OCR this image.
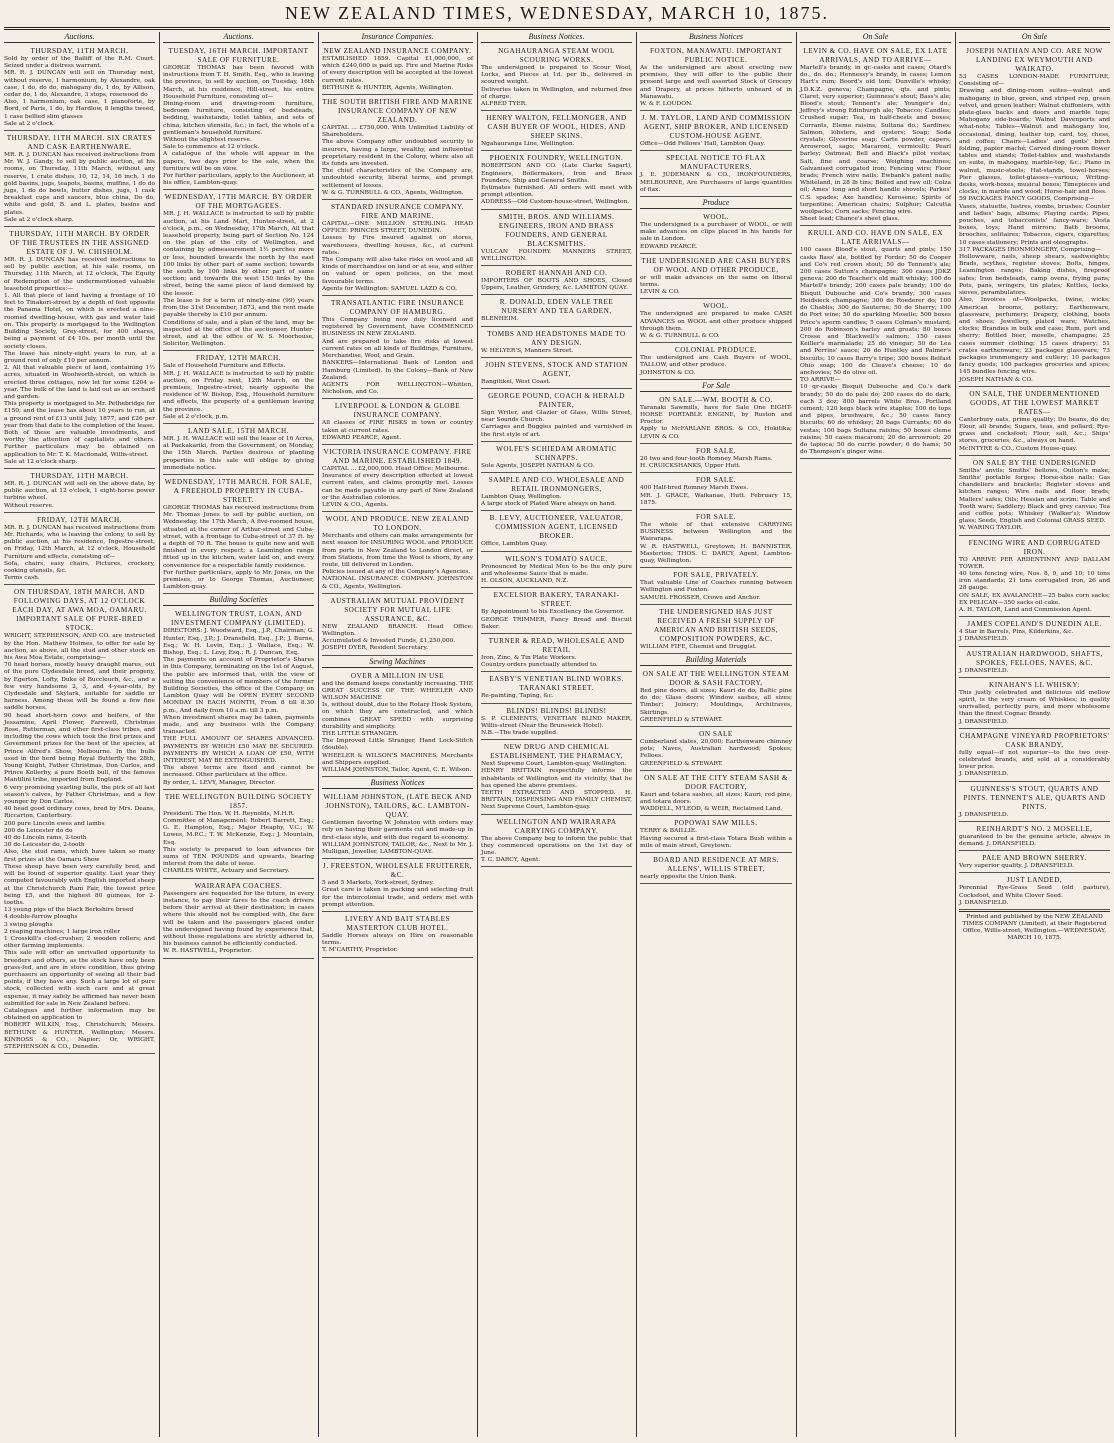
NEW ZEALAND TIMES, WEDNESDAY, MARCH 10, 1875.
Auctions.

THURSDAY, 11TH MARCH.

Sold by order of the Bailiff of the R.M. Court. Seized under a distress warrant.

MR. R. J. DUNCAN will sell on Thursday next, without reserve, 1 harmonium, by Alexandre, oak case, 1 do, do do, mahogany do, 1 do, by Allison, cedar do, 1 do, Alexandre, 3 stops, rosewood do

Also, 1 harmonium, oak case, 1 pianoforte, by Bord, of Paris, 1 do, by Hardlow, 8 lengths tweed, 1 case bellied slim glasses

Sale at 2 o'clock.

THURSDAY, 11TH MARCH. SIX CRATES AND CASK EARTHENWARE.

MR. R. J. DUNCAN has received instructions from Mr. W. J. Gandy, to sell by public auction, at his rooms, on Thursday, 11th March, without any reserve, 1 crate dishes, 10, 12, 14, 16 inch, 1 do gold basins, jugs, teapots, basins, muffins, 1 do do jugs, 1 do do bowls, butter dishes, jugs, 1 cask breakfast cups and saucers, blue china, Do do, white and gold, B. and L. plates, basins and plates.

Sale at 2 o'clock sharp.

THURSDAY, 11TH MARCH. BY ORDER OF THE TRUSTEES IN THE ASSIGNED ESTATE OF J. W. CHISHOLM.

MR. R. J. DUNCAN has received instructions to sell by public auction, at his sale rooms, on Thursday, 11th March, at 12 o'clock, The Equity of Redemption of the undermentioned valuable leasehold properties:—

1. All that piece of land having a frontage of 10 feet to Tinakori-street by a depth of feet opposite the Panama Hotel, on which is erected a nine-roomed dwelling-house, with gas and water laid on. This property is mortgaged to the Wellington Building Society, Grey-street, for 400 shares, being a payment of £4 10s. per month until the society closes.

The lease has ninety-eight years to run, at a ground rent of only £10 per annum.

2. All that valuable piece of land, containing 1½ acres, situated in Woolworth-street, on which is erected three cottages, now let for some £204 a-year. The bulk of the land is laid out as an orchard and garden.

This property is mortgaged to Mr. Pethebridge for £150; and the lease has about 10 years to run, at a ground rent of £13 until July, 1877, and £26 per year from that date to the completion of the lease.

Both of these are valuable investments, and worthy the attention of capitalists and others. Further particulars may be obtained on application to Mr. T. K. Macdonald, Willis-street.

Sale at 12 o'clock sharp.

THURSDAY, 11TH MARCH.

MR. R. J. DUNCAN will sell on the above date, by public auction, at 12 o'clock, 1 eight-horse power turbine wheel.

Without reserve.

FRIDAY, 12TH MARCH.

MR. R. J. DUNCAN has received instructions from Mr. Richards, who is leaving the colony, to sell by public auction, at his residence, Ingestre-street, on Friday, 12th March, at 12 o'clock, Household Furniture and effects, consisting of—

Sofa, chairs, easy chairs, Pictures, crockery, cooking utensils, &c.

Terms cash.

ON THURSDAY, 18TH MARCH, AND FOLLOWING DAYS, AT 12 O'CLOCK EACH DAY, AT AWA MOA, OAMARU. IMPORTANT SALE OF PURE-BRED STOCK.

WRIGHT, STEPHENSON, AND CO. are instructed by the Hon. Mathew Holmes, to offer for sale by auction, as above, all the stud and other stock on his Awa Moa Estate, comprising—

70 head horses, mostly heavy draught mares, out of the pure Clydesdale breed, and their progeny, by Egerton, Lofty, Duke of Buccleuch, &c., and a few very handsome 2, 3, and 4-year-olds, by Clydesdale and Skylark, suitable for saddle or harness. Among these will be found a few fine saddle horses.

90 head short-horn cows and heifers, of the Jessamine, April Flower, Farewell, Christmas Rose, Rutterman, and other first-class tribes, and including the cows which took the first prizes and Government prizes for the best of the species, at Prince Alfred's Show, Melbourne. In the bulls used in the herd being Royal Butterfly the 28th, Young Knight, Father Christmas, Don Carlos, and Prince Kollerby, a pure Booth bull, of the famous Mantilini tribe, imported from England.

6 very promising yearling bulls, the pick of all last season's calves, by Father Christmas, and a few younger by Don Carlos.

40 head good ordinary cows, bred by Mrs. Deans, Riccarton, Canterbury.

200 pure Lincoln ewes and lambs

200 do Leicester do do

40 do Lincoln rams, 2-tooth

30 do Leicester do, 2-tooth

Also, the stud rams, which have taken so many first prizes at the Oamaru Show

These sheep have been very carefully bred, and will be found of superior quality. Last year they competed favourably with English imported sheep at the Christchurch Ram Fair, the lowest price being £5, and the highest 80 guineas, for 2-tooths.

13 young pigs of the black Berkshire breed

4 double-furrow ploughs

3 swing ploughs

2 reaping machines; 1 large iron roller

1 Crosskill's clod-crusher; 2 wooden rollers; and other farming implements.

This sale will offer an unrivalled opportunity to breeders and others, as the stock have only been grass-fed, and are in store condition, thus giving purchasers an opportunity of seeing all their bad points, if they have any. Such a large lot of pure stock, collected with such care and at great expense, it may safely be affirmed has never been submitted for sale in New Zealand before.

Catalogues and further information may be obtained on application to

ROBERT WILKIN, Esq., Christchurch; Messrs. BETHUNE & HUNTER, Wellington; Messrs. KINROSS & CO., Napier; Or, WRIGHT, STEPHENSON & CO., Dunedin.

Auctions.

TUESDAY, 16TH MARCH. IMPORTANT SALE OF FURNITURE.

GEORGE THOMAS has been favored with instructions from T. H. Smith, Esq., who is leaving the province, to sell by auction, on Tuesday, 16th March, at his residence, Hill-street, his entire Household Furniture, consisting of—

Dining-room and drawing-room furniture, bedroom furniture, consisting of bedsteads, bedding, washstands, toilet tables, and sets of china, kitchen utensils, &c.; in fact, the whole of a gentleman's household furniture.

Without the slightest reserve.

Sale to commence at 12 o'clock.

A catalogue of the whole will appear in the papers, two days prior to the sale, when the furniture will be on view.

For further particulars, apply to the Auctioneer, at his office, Lambton-quay.

WEDNESDAY, 17TH MARCH. BY ORDER OF THE MORTGAGEES.

MR. J. H. WALLACE is instructed to sell by public auction, at his Land Mart, Hunter-street, at 2 o'clock, p.m., on Wednesday, 17th March, All that leasehold property, being part of Section No. 124 on the plan of the city of Wellington, and containing by admeasurement 1½ perches more or less, bounded towards the north by the east 100 links by other part of same section; towards the south by 100 links by other part of same section; and towards the west 150 links by the street, being the same piece of land demised by the lessor.

The lease is for a term of ninety-nine (99) years from the 31st December, 1873, and the rent made payable thereby is £10 per annum.

Conditions of sale, and a plan of the land, may be inspected at the office of the auctioneer, Hunter-street, and at the office of W. S. Moorhouse, Solicitor, Wellington.

FRIDAY, 12TH MARCH.

Sale of Household Furniture and Effects.

MR. J. H. WALLACE is instructed to sell by public auction, on Friday next, 12th March, on the premises, Ingestre-street, nearly opposite the residence of W. Bishop, Esq., Household furniture and effects, the property of a gentleman leaving the province.

Sale at 2 o'clock, p.m.

LAND SALE, 15TH MARCH.

MR. J. H. WALLACE will sell the lease of 16 Acres, at Paekakariki, from the Government, on Monday, the 15th March. Parties desirous of planting properties in this sale will oblige by giving immediate notice.

WEDNESDAY, 17TH MARCH. FOR SALE, A FREEHOLD PROPERTY IN CUBA-STREET.

GEORGE THOMAS has received instructions from Mr. Thomas Jones to sell by public auction, on Wednesday, the 17th March, A five-roomed house, situated at the corner of Arthur-street and Cuba-street, with a frontage to Cuba-street of 37 ft. by a depth of 70 ft. The house is quite new and well finished in every respect; a Leamington range fitted up in the kitchen, water laid on, and every convenience for a respectable family residence.

For further particulars, apply to Mr. Jones, on the premises, or to George Thomas, Auctioneer, Lambton-quay.

Building Societies

WELLINGTON TRUST, LOAN, AND INVESTMENT COMPANY (LIMITED).

DIRECTORS: J. Woodward, Esq., J.P., Chairman; G. Hunter, Esq., J.P.; J. Dransfield, Esq., J.P.; J. Burne, Esq.; W. H. Levin, Esq.; J. Wallace, Esq.; W. Bishop, Esq.; L. Levy, Esq.; R. J. Duncan, Esq.

The payments on account of Proprietor's Shares in this Company, terminating on the 1st of August, the public are informed that, with the view of suiting the convenience of members of the former Building Societies, the office of the Company on Lambton Quay will be OPEN EVERY SECOND MONDAY IN EACH MONTH, From 8 till 8.30 p.m., And daily from 10 a.m. till 3 p.m.

When investment shares may be taken, payments made, and any business with the Company transacted.

THE FULL AMOUNT OF SHARES ADVANCED. PAYMENTS BY WHICH £50 MAY BE SECURED. PAYMENTS BY WHICH A LOAN OF £50, WITH INTEREST, MAY BE EXTINGUISHED.

The above terms are fixed and cannot be increased. Other particulars at the office.

By order, L. LEVY, Manager, Director.

THE WELLINGTON BUILDING SOCIETY 1857.

President: The Hon. W. H. Reynolds, M.H.R.

Committee of Management: Robert Barrett, Esq.; G. E. Hampton, Esq.; Major Heaphy, V.C.; W. Lowes, M.P.C.; T. W. McKenzie, Esq.; J. Mountain, Esq.

This society is prepared to loan advances for sums of TEN POUNDS and upwards, bearing interest from the date of issue.

CHARLES WHITE, Actuary and Secretary.

WAIRARAPA COACHES.

Passengers are requested for the future, in every instance, to pay their fares to the coach drivers before their arrival at their destination; in cases where this should not be complied with, the fare will be taken and the passengers placed under the undersigned having found by experience that, without these regulations are strictly adhered to, his business cannot be efficiently conducted.

W. R. HASTWELL, Proprietor.

Insurance Companies.

NEW ZEALAND INSURANCE COMPANY.

ESTABLISHED 1859. Capital £1,000,000, of which £240,000 is paid up. Fire and Marine Risks of every description will be accepted at the lowest current rates.

BETHUNE & HUNTER, Agents, Wellington.

THE SOUTH BRITISH FIRE AND MARINE INSURANCE COMPANY OF NEW ZEALAND.

CAPITAL ... £750,000. With Unlimited Liability of Shareholders.

The above Company offer undoubted security to insurers, having a large, wealthy, and influential proprietary resident in the Colony, where also all its funds are invested.

The chief characteristics of the Company are, undoubted security, liberal terms, and prompt settlement of losses.

W. & G. TURNBULL & CO., Agents, Wellington.

STANDARD INSURANCE COMPANY. FIRE AND MARINE.

CAPITAL—ONE MILLION STERLING. HEAD OFFICE: PRINCES STREET, DUNEDIN.

Losses by Fire insured against on stores, warehouses, dwelling houses, &c., at current rates.

The Company will also take risks on wool and all kinds of merchandise on land or at sea, and either on valued or open policies, on the most favourable terms.

Agents for Wellington: SAMUEL LAZD & CO.

TRANSATLANTIC FIRE INSURANCE COMPANY OF HAMBURG.

This Company being now duly licensed and registered by Government, have COMMENCED BUSINESS IN NEW ZEALAND.

And are prepared to take fire risks at lowest current rates on all kinds of Buildings, Furniture, Merchandise, Wool, and Grain.

BANKERS—International Bank of London and Hamburg (Limited). In the Colony—Bank of New Zealand.

AGENTS FOR WELLINGTON—Whitten, Nicholson, and Co.

LIVERPOOL & LONDON & GLOBE INSURANCE COMPANY.

All classes of FIRE RISKS in town or country taken at current rates.

EDWARD PEARCE, Agent.

VICTORIA INSURANCE COMPANY. FIRE AND MARINE. ESTABLISHED 1849.

CAPITAL ... £2,000,000. Head Office: Melbourne.

Insurance of every description effected at lowest current rates, and claims promptly met. Losses can be made payable in any part of New Zealand or the Australian colonies.

LEVIN & CO., Agents.

WOOL AND PRODUCE. NEW ZEALAND TO LONDON.

Merchants and others can make arrangements for next season for INSURING WOOL and PRODUCE from ports in New Zealand to London direct, or from Stations, from time the Wool is shorn, by any route, till delivered in London.

Policies issued at any of the Company's Agencies.

NATIONAL INSURANCE COMPANY. JOHNSTON & CO., Agents, Wellington.

AUSTRALIAN MUTUAL PROVIDENT SOCIETY FOR MUTUAL LIFE ASSURANCE, &C.

NEW ZEALAND BRANCH. Head Office: Wellington.

Accumulated & Invested Funds, £1,250,000.

JOSEPH DYER, Resident Secretary.

Sewing Machines

OVER A MILLION IN USE

and the demand keeps constantly increasing. THE GREAT SUCCESS OF THE WHEELER AND WILSON MACHINE

Is, without doubt, due to the Rotary Hook System, on which they are constructed, and which combines GREAT SPEED with surprising durability and simplicity.

THE LITTLE STRANGER.

The Improved Little Stranger, Hand Lock-Stitch (double).

WHEELER & WILSON'S MACHINES. Merchants and Shippers supplied.

WILLIAM JOHNSTON, Tailor, Agent, C. E. Wilson.

Business Notices

WILLIAM JOHNSTON, (LATE BECK AND JOHNSTON), TAILORS, &C. LAMBTON-QUAY.

Gentlemen favoring W. Johnston with orders may rely on having their garments cut and made-up in first-class style, and with due regard to economy.

WILLIAM JOHNSTON, TAILOR, &c., Next to Mr. J. Mulligan, Jeweller, LAMBTON-QUAY.

J. FREESTON, WHOLESALE FRUITERER, &C.

5 and 5 Markets, York-street, Sydney.

Great care is taken in packing and selecting fruit for the intercolonial trade, and orders met with prompt attention.

LIVERY AND BAIT STABLES MASTERTON CLUB HOTEL.

Saddle Horses always on Hire on reasonable terms.

T. M'CARTHY, Proprietor.

Business Notices.

NGAHAURANGA STEAM WOOL SCOURING WORKS.

The undersigned is prepared to Scour Wool, Locks, and Pieces at 1d. per lb., delivered in scoured weight.

Deliveries taken in Wellington, and returned free of charge.

ALFRED TYER.

HENRY WALTON, FELLMONGER, AND CASH BUYER OF WOOL, HIDES, AND SHEEP SKINS.

Ngahauranga Line, Wellington.

PHOENIX FOUNDRY, WELLINGTON.

ROBERTSON AND CO. (Late Clarke Sagart), Engineers, Boilermakers, Iron and Brass Founders, Ship and General Smiths.

Estimates furnished. All orders will meet with prompt attention.

ADDRESS—Old Custom-house-street, Wellington.

SMITH, BROS. AND WILLIAMS. ENGINEERS, IRON AND BRASS FOUNDERS, AND GENERAL BLACKSMITHS.

VULCAN FOUNDRY. MANNERS STREET, WELLINGTON.

ROBERT HANNAH AND CO.

IMPORTERS OF BOOTS AND SHOES, Closed Uppers, Leather, Grindery, &c. LAMBTON QUAY.

R. DONALD, EDEN VALE TREE NURSERY AND TEA GARDEN,

BLENHEIM.

TOMBS AND HEADSTONES MADE TO ANY DESIGN.

W. HELYER'S, Manners Street.

JOHN STEVENS, STOCK AND STATION AGENT,

Rangitikei, West Coast.

GEORGE POUND, COACH & HERALD PAINTER,

Sign Writer, and Glazier of Glass, Willis Street, near Sounds Church.

Carriages and Buggies painted and varnished in the first style of art.

WOLFE'S SCHIEDAM AROMATIC SCHNAPPS.

Sole Agents, JOSEPH NATHAN & CO.

SAMPLE AND CO. WHOLESALE AND RETAIL IRONMONGERS,

Lambton Quay, Wellington.

A large stock of Plated Ware always on hand.

B. LEVY, AUCTIONEER, VALUATOR, COMMISSION AGENT, LICENSED BROKER.

Office, Lambton Quay.

WILSON'S TOMATO SAUCE.

Pronounced by Medical Men to be the only pure and wholesome Sauce that is made.

H. OLSON, AUCKLAND, N.Z.

EXCELSIOR BAKERY, TARANAKI-STREET.

By Appointment to his Excellency the Governor.

GEORGE TRIMMER, Fancy Bread and Biscuit Baker.

TURNER & READ, WHOLESALE AND RETAIL

Iron, Zinc, & Tin Plate Workers.

Country orders punctually attended to.

EASBY'S VENETIAN BLIND WORKS. TARANAKI STREET.

Re-painting, Taping, &c.

BLINDS! BLINDS! BLINDS!

S. P. CLEMENTS, VENETIAN BLIND MAKER, Willis-street (Near the Brunswick Hotel).

N.B.—The trade supplied.

NEW DRUG AND CHEMICAL ESTABLISHMENT. THE PHARMACY,

Next Supreme Court, Lambton-quay, Wellington.

HENRY BRITTAIN respectfully informs the inhabitants of Wellington and its vicinity, that he has opened the above premises.

TEETH EXTRACTED AND STOPPED. H. BRITTAIN, DISPENSING AND FAMILY CHEMIST, Next Supreme Court, Lambton-quay.

WELLINGTON AND WAIRARAPA CARRYING COMPANY.

The above Company beg to inform the public that they commenced operations on the 1st day of June.

T. C. DARCY, Agent.

Business Notices

FOXTON, MANAWATU. IMPORTANT PUBLIC NOTICE.

As the undersigned are about erecting new premises, they will offer to the public their present large and well assorted Stock of Grocery and Drapery, at prices hitherto unheard of in Manawatu.

W. & F. LOUDON.

J. M. TAYLOR, LAND AND COMMISSION AGENT, SHIP BROKER, AND LICENSED CUSTOM-HOUSE AGENT.

Office—Odd Fellows' Hall, Lambton Quay.

SPECIAL NOTICE TO FLAX MANUFACTURERS.

J. E. JUDEMANN & CO., IRONFOUNDERS, MELBOURNE, Are Purchasers of large quantities of flax.

Produce

WOOL.

The undersigned is a purchaser of WOOL, or will make advances on clips placed in his hands for sale in London.

EDWARD PEARCE.

THE UNDERSIGNED ARE CASH BUYERS OF WOOL AND OTHER PRODUCE,

or will make advances on the same on liberal terms.

LEVIN & CO.

WOOL.

The undersigned are prepared to make CASH ADVANCES on WOOL and other produce shipped through them.

W. & G. TURNBULL & CO.

COLONIAL PRODUCE.

The undersigned are Cash Buyers of WOOL, TALLOW, and other produce.

JOHNSTON & CO.

For Sale

ON SALE.—WM. BOOTH & CO.

Taranaki Sawmills, have for Sale One EIGHT-HORSE PORTABLE ENGINE, by Ruston and Proctor.

Apply to McFARLANE BROS. & CO., Hokitika; LEVIN & CO.

FOR SALE.

20 two and four-tooth Romney Marsh Rams.

H. CRUICKSHANKS, Upper Hutt.

FOR SALE.

400 Half-bred Romney Marsh Ewes.

MR. J. GRACE, Waikanae, Hutt. February 15, 1875.

FOR SALE.

The whole of that extensive CARRYING BUSINESS between Wellington and the Wairarapa.

W. R. HASTWELL, Greytown; H. BANNISTER, Masterton; THOS. C. DARCY, Agent, Lambton-quay, Wellington.

FOR SALE, PRIVATELY.

That valuable Line of Coaches running between Wellington and Foxton.

SAMUEL FROSSER, Crown and Anchor.

THE UNDERSIGNED HAS JUST RECEIVED A FRESH SUPPLY OF AMERICAN AND BRITISH SEEDS, COMPOSITION POWDERS, &C.

WILLIAM FIFE, Chemist and Druggist.

Building Materials

ON SALE AT THE WELLINGTON STEAM DOOR & SASH FACTORY,

Red pine doors, all sizes; Kauri do do; Baltic pine do do; Glass doors; Window sashes, all sizes; Timber; Joinery; Mouldings, Architraves, Skirtings.

GREENFIELD & STEWART.

ON SALE

Cumberland slates, 20,000; Earthenware chimney pots; Naves, Australian hardwood; Spokes; Felloes.

GREENFIELD & STEWART.

ON SALE AT THE CITY STEAM SASH & DOOR FACTORY,

Kauri and totara sashes, all sizes; Kauri, red pine, and totara doors.

WADDELL, M'LEOD, & WEIR, Reclaimed Land.

POPOWAI SAW MILLS.

TERRY & BAILLIE.

Having secured a first-class Totara Bush within a mile of main street, Greytown.

BOARD AND RESIDENCE AT MRS. ALLENS', WILLIS STREET,

nearly opposite the Union Bank.

On Sale

LEVIN & CO. HAVE ON SALE, EX LATE ARRIVALS, AND TO ARRIVE—

Martell's brandy, in qr.-casks and cases; Otard's do., do. do.; Hennessy's brandy, in cases; Lemon Hart's rum; Boord's old tom; Dunville's whisky; J.D.K.Z. geneva; Champagne, qts. and pints; Claret, very superior; Guinness's stout; Bass's ale; Blood's stout; Tennent's ale; Younger's do.; Jeffrey's strong Edinburgh ale; Tobacco; Candles; Crushed sugar; Tea, in half-chests and boxes; Currants, Eleme raisins, Sultana do.; Sardines; Salmon, lobsters, and oysters; Soap; Soda crystals; Glycerine soap; Carte powder, capers; Arrowroot, sago; Macaroni, vermicelli; Pearl barley; Oatmeal; Bell and Black's pilot vestas; Salt, fine and coarse; Weighing machines; Galvanised corrugated iron; Fencing wire; Floor brads; French wire nails; Ewbank's patent nails; Whiteland, in 28 lb tins; Boiled and raw oil; Colza oil; Ames' long and short handle shovels; Parkes' C.S. spades; Axe handles; Kerosene; Spirits of turpentine; American chairs; Sulphur; Calcutta woolpacks; Corn sacks; Fencing wire.

Sheet lead; Chance's sheet glass.

KRULL AND CO. HAVE ON SALE, EX LATE ARRIVALS—

100 cases Blood's stout, quarts and pints; 150 casks Bass' ale, bottled by Forder; 50 do Cooper and Co's red crown stout; 50 do Tennent's ale; 200 cases Sutton's champagne; 300 cases JDKZ geneva; 200 do Teacher's old malt whisky; 100 do Martell's brandy; 200 cases pale brandy; 100 do Bisquit Dubouche and Co's brandy; 300 cases Heidsieck champagne; 300 do Roederer do; 100 do Chablis; 300 do Sauterne; 50 do Sherry; 100 do Port wine; 50 do sparkling Moselle; 500 boxes Price's sperm candles; 5 cases Colman's mustard; 200 do Robinson's barley and groats; 80 boxes Crosse and Blackwell's salmon; 150 cases Keiller's marmalade; 25 do vinegar; 50 do Lea and Perrins' sauce; 20 do Huntley and Palmer's biscuits; 10 cases Barry's tripe; 300 boxes Belfast Ohio soap; 100 do Cleave's cheese; 10 do anchovies; 50 do olive oil.

TO ARRIVE—

10 qr-casks Bisquit Dubouche and Co.'s dark brandy; 50 do do pale do; 200 cases do do dark, each 3 doz; 800 barrels White Bros. Portland cement; 120 kegs black wire staples; 100 do tops and pipes, brushware, &c.; 50 cases fancy biscuits; 60 do whiskey; 20 bags Currants; 60 do vestas; 100 bags Sultana raisins; 50 boxes cleme raisins; 50 cases macaroni; 20 do arrowroot; 20 do tapioca; 50 do currie powder; 6 do hams; 50 do Thompson's ginger wine.

On Sale

JOSEPH NATHAN AND CO. ARE NOW LANDING EX WEYMOUTH AND WAIKATO.

53 CASES LONDON-MADE FURNITURE, Consisting of—

Drawing and dining-room suites—walnut and mahogany, in blue, green, and striped rep, green velvet, and green leather; Walnut chiffoniers, with plate-glass backs and doors and marble tops; Mahogany side-boards; Walnut Davenports and what-nots; Tables—Walnut and mahogany loo, occasional, dining, leather top, card, toy, chess, and coffee; Chairs—Ladies' and gents' birch folding, papier maché; Carved dining-room flower tables and stands; Toilet-tables and washstands en suite, in mahogany, marble-top, &c.; Piano in walnut, music-stools; Hat-stands, towel-horses; Pier glasses, toilet-glasses—various; Writing-desks, work-boxes, musical boxes; Timepieces and clocks, in marble and wood; Horse-hair and floss.

59 PACKAGES FANCY GOODS, Comprising—

Vases, statuette, lustres, combs, brushes; Counter and ladies' bags, albums; Playing cards; Pipes, pouches, and tobacconists' fancy-ware; Vesta boxes, toys; Hand mirrors; Bath brooms, brooches, solitaires; Tobaccos, cigars, cigarettes; 10 cases stationery; Prints and oleographs.

317 PACKAGES IRONMONGERY, Comprising—

Hollowware, nails, sheep shears, sashweights; Brads, scythes, register stoves; Bolts, hinges, Leamington ranges; Baking dishes, fireproof safes; Iron bedsteads, camp ovens, frying pans; Pots, pans, wringers, tin plates; Kettles, locks, sieves, perambulators.

Also, Invoices of—Woolpacks, twine, wicks; American brooms, pottery; Earthenware, glassware, perfumery; Drapery, clothing, boots and shoes; Jewellery, plated ware; Watches, clocks; Brandies in bulk and case; Rum, port and sherry; Bottled beer, moselle, champagne; 25 cases summer clothing; 15 cases drapery; 51 crates earthenware; 23 packages glassware; 73 packages ironmongery and cutlery; 10 packages fancy goods; 100 packages groceries and spices; 145 bundles fencing wire.

JOSEPH NATHAN & CO.

ON SALE, THE UNDERMENTIONED GOODS, AT THE LOWEST MARKET RATES—

Canterbury oats, prime quality; Do beans, do do; Flour, all brands; Sugars, teas, and pollard; Rye-grass and cocksfoot; Flour, salt, &c.; Ships' stores, groceries, &c., always on hand.

McINTYRE & CO., Custom House-quay.

ON SALE BY THE UNDERSIGNED

Smiths' anvils; Smiths' bellows, Oulton's make; Smiths' portable forges; Horse-shoe nails; Gas chandeliers and brackets; Register stoves and kitchen ranges; Wire nails and floor brads; Mallers' safes; Oils; Hessian and scrim; Table and Tooth ware; Saddlery; Black and grey canvas; Tea and coffee pots; Whiskey (Walker's); Window glass; Seeds, English and Colonial GRASS SEED.

W. WARING TAYLOR.

FENCING WIRE AND CORRUGATED IRON.

TO ARRIVE PER ARDENTINNY AND DALLAM TOWER.

40 tons fencing wire, Nos. 8, 9, and 10; 10 tons iron standards; 21 tons corrugated iron, 26 and 28 gauge.

ON SALE, EX AVALANCHE—25 bales corn sacks; EX PELICAN—350 sacks oil cake.

A. H. TAYLOR, Land and Commission Agent.

JAMES COPELAND'S DUNEDIN ALE.

4 Star in Barrels, Pins, Kilderkins, &c.

J. DRANSFIELD.

AUSTRALIAN HARDWOOD, SHAFTS, SPOKES, FELLOES, NAVES, &C.

J. DRANSFIELD.

KINAHAN'S LL WHISKY:

This justly celebrated and delicious old mellow spirit, is the very cream of Whiskies; in quality unrivalled, perfectly pure, and more wholesome than the finest Cognac Brandy.

J. DRANSFIELD.

CHAMPAGNE VINEYARD PROPRIETORS' CASK BRANDY,

fully equal—if not superior—to the two over-celebrated brands, and sold at a considerably lower price.

J. DRANSFIELD.

GUINNESS'S STOUT, QUARTS AND PINTS. TENNENT'S ALE, QUARTS AND PINTS.

J. DRANSFIELD.

REINHARDT'S NO. 2 MOSELLE,

guaranteed to be the genuine article, always in demand. J. DRANSFIELD.

PALE AND BROWN SHERRY.

Very superior quality. J. DRANSFIELD.

JUST LANDED,

Perennial Rye-Grass Seed (old pasture), Cocksfoot, and White Clover Seed.

J. DRANSFIELD.

Printed and published by the NEW ZEALAND TIMES COMPANY (Limited), at their Registered Office, Willis-street, Wellington.—WEDNESDAY, MARCH 10, 1875.
